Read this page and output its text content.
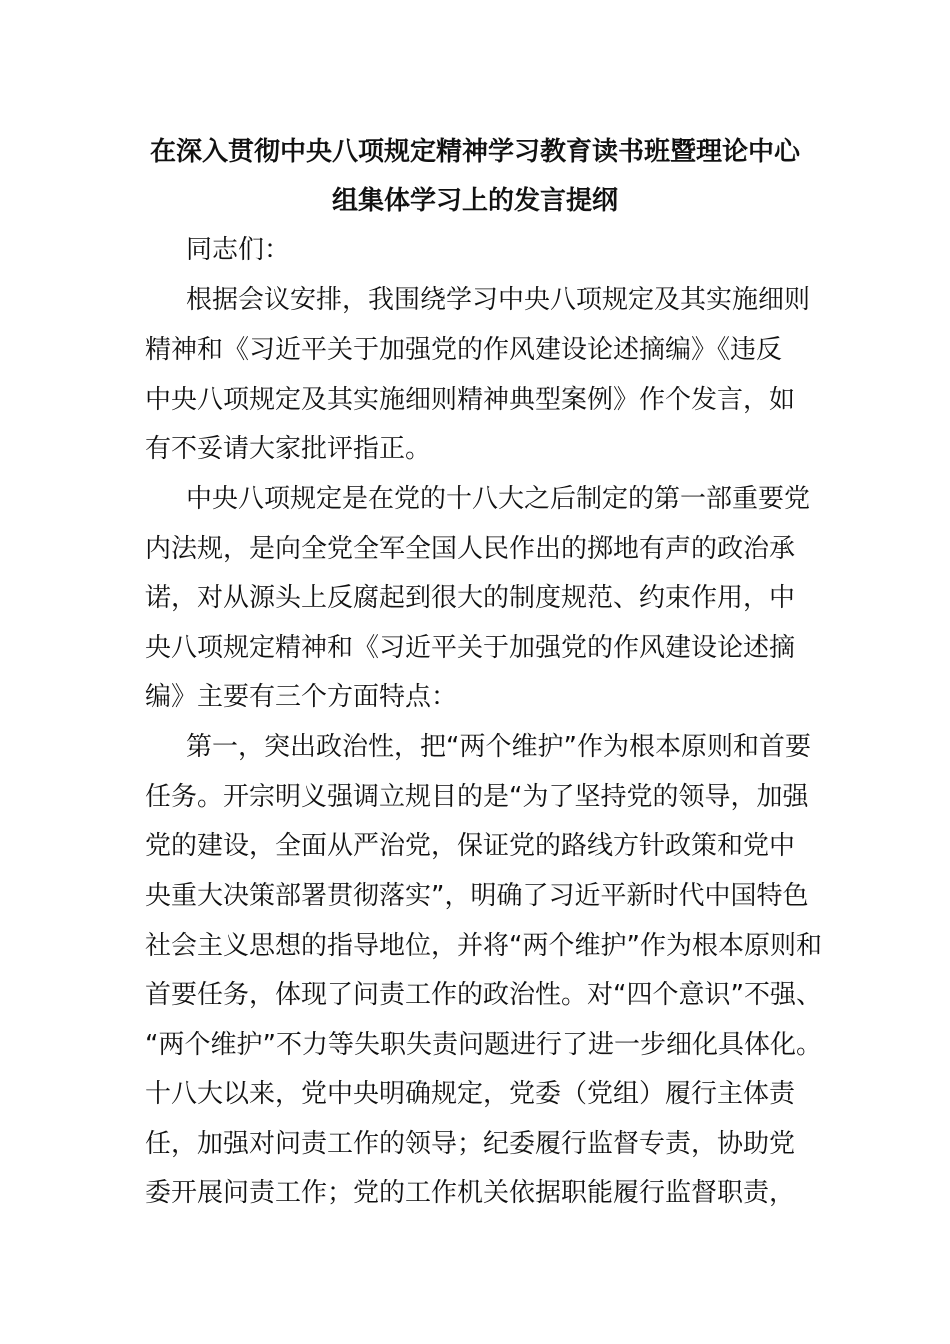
在深入贯彻中央八项规定精神学习教育读书班暨理论中心
组集体学习上的发言提纲
同志们：
根据会议安排，我围绕学习中央八项规定及其实施细则
精神和《习近平关于加强党的作风建设论述摘编》《违反
中央八项规定及其实施细则精神典型案例》作个发言，如
有不妥请大家批评指正。
中央八项规定是在党的十八大之后制定的第一部重要党
内法规，是向全党全军全国人民作出的掷地有声的政治承
诺，对从源头上反腐起到很大的制度规范、约束作用，中
央八项规定精神和《习近平关于加强党的作风建设论述摘
编》主要有三个方面特点：
第一，突出政治性，把“两个维护”作为根本原则和首要
任务。开宗明义强调立规目的是“为了坚持党的领导，加强
党的建设，全面从严治党，保证党的路线方针政策和党中
央重大决策部署贯彻落实”，明确了习近平新时代中国特色
社会主义思想的指导地位，并将“两个维护”作为根本原则和
首要任务，体现了问责工作的政治性。对“四个意识”不强、
“两个维护”不力等失职失责问题进行了进一步细化具体化。
十八大以来，党中央明确规定，党委（党组）履行主体责
任，加强对问责工作的领导；纪委履行监督专责，协助党
委开展问责工作；党的工作机关依据职能履行监督职责，
